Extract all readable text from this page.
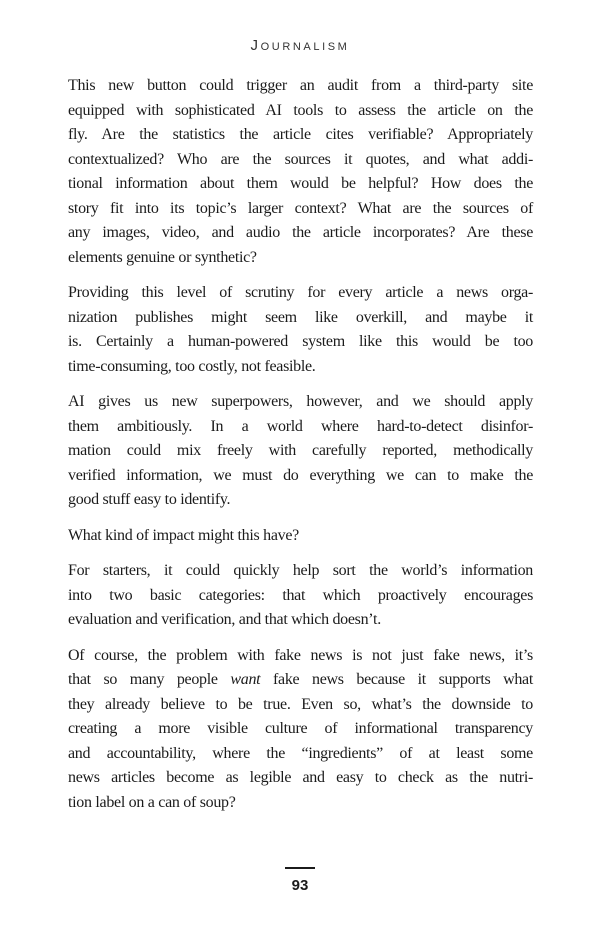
Journalism
This new button could trigger an audit from a third-party site
equipped with sophisticated AI tools to assess the article on the
fly. Are the statistics the article cites verifiable? Appropriately
contextualized? Who are the sources it quotes, and what addi-
tional information about them would be helpful? How does the
story fit into its topic’s larger context? What are the sources of
any images, video, and audio the article incorporates? Are these
elements genuine or synthetic?
Providing this level of scrutiny for every article a news orga-
nization publishes might seem like overkill, and maybe it
is. Certainly a human-powered system like this would be too
time-consuming, too costly, not feasible.
AI gives us new superpowers, however, and we should apply
them ambitiously. In a world where hard-to-detect disinfor-
mation could mix freely with carefully reported, methodically
verified information, we must do everything we can to make the
good stuff easy to identify.
What kind of impact might this have?
For starters, it could quickly help sort the world’s information
into two basic categories: that which proactively encourages
evaluation and verification, and that which doesn’t.
Of course, the problem with fake news is not just fake news, it’s
that so many people want fake news because it supports what
they already believe to be true. Even so, what’s the downside to
creating a more visible culture of informational transparency
and accountability, where the “ingredients” of at least some
news articles become as legible and easy to check as the nutri-
tion label on a can of soup?
93
